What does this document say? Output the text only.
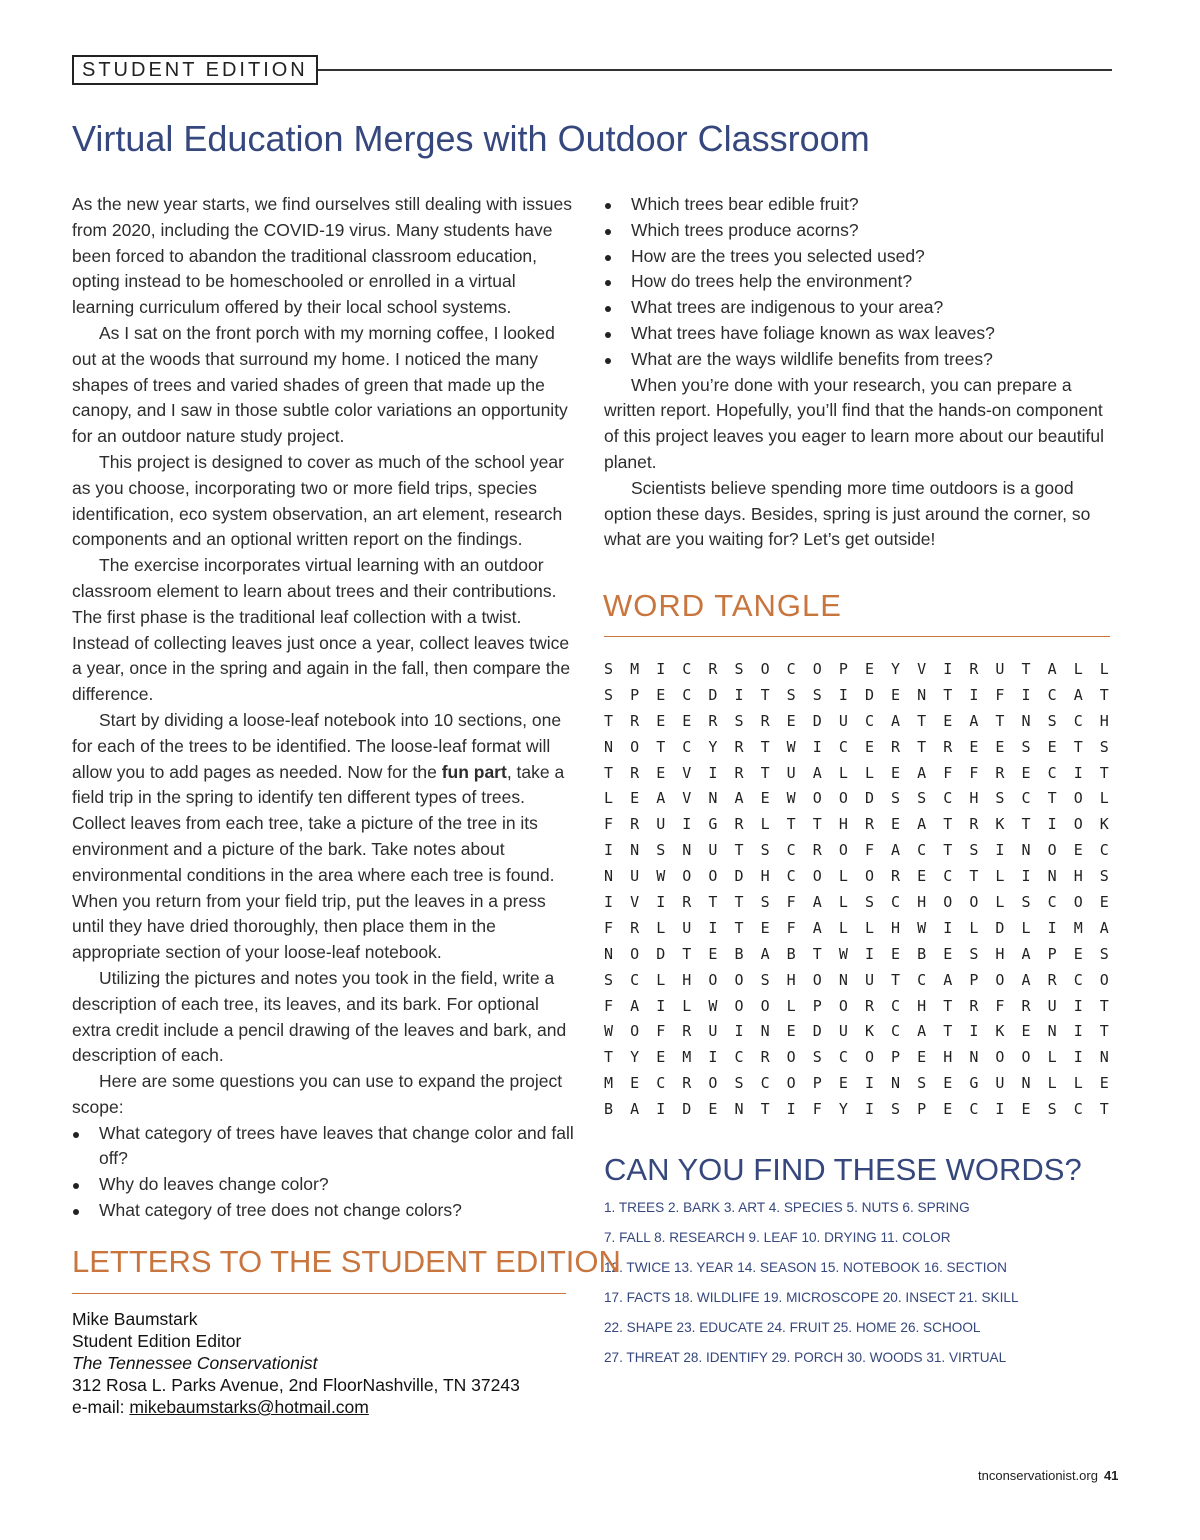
STUDENT EDITION
Virtual Education Merges with Outdoor Classroom

As the new year starts, we find ourselves still dealing with issues from 2020, including the COVID-19 virus. Many students have been forced to abandon the traditional classroom education, opting instead to be homeschooled or enrolled in a virtual learning curriculum offered by their local school systems.

As I sat on the front porch with my morning coffee, I looked out at the woods that surround my home. I noticed the many shapes of trees and varied shades of green that made up the canopy, and I saw in those subtle color variations an opportunity for an outdoor nature study project.

This project is designed to cover as much of the school year as you choose, incorporating two or more field trips, species identification, eco system observation, an art element, research components and an optional written report on the findings.

The exercise incorporates virtual learning with an outdoor classroom element to learn about trees and their contributions. The first phase is the traditional leaf collection with a twist. Instead of collecting leaves just once a year, collect leaves twice a year, once in the spring and again in the fall, then compare the difference.

Start by dividing a loose-leaf notebook into 10 sections, one for each of the trees to be identified. The loose-leaf format will allow you to add pages as needed. Now for the fun part, take a field trip in the spring to identify ten different types of trees. Collect leaves from each tree, take a picture of the tree in its environment and a picture of the bark. Take notes about environmental conditions in the area where each tree is found. When you return from your field trip, put the leaves in a press until they have dried thoroughly, then place them in the appropriate section of your loose-leaf notebook.

Utilizing the pictures and notes you took in the field, write a description of each tree, its leaves, and its bark. For optional extra credit include a pencil drawing of the leaves and bark, and description of each.

Here are some questions you can use to expand the project scope:

What category of trees have leaves that change color and fall off?
Why do leaves change color?
What category of tree does not change colors?
Which trees bear edible fruit?
Which trees produce acorns?
How are the trees you selected used?
How do trees help the environment?
What trees are indigenous to your area?
What trees have foliage known as wax leaves?
What are the ways wildlife benefits from trees?

When you’re done with your research, you can prepare a written report. Hopefully, you’ll find that the hands-on component of this project leaves you eager to learn more about our beautiful planet.

Scientists believe spending more time outdoors is a good option these days. Besides, spring is just around the corner, so what are you waiting for? Let’s get outside!

WORD TANGLE
S	M	I	C	R	S	O	C	O	P	E	Y	V	I	R	U	T	A	L	L
S	P	E	C	D	I	T	S	S	I	D	E	N	T	I	F	I	C	A	T
T	R	E	E	R	S	R	E	D	U	C	A	T	E	A	T	N	S	C	H
N	O	T	C	Y	R	T	W	I	C	E	R	T	R	E	E	S	E	T	S
T	R	E	V	I	R	T	U	A	L	L	E	A	F	F	R	E	C	I	T
L	E	A	V	N	A	E	W	O	O	D	S	S	C	H	S	C	T	O	L
F	R	U	I	G	R	L	T	T	H	R	E	A	T	R	K	T	I	O	K
I	N	S	N	U	T	S	C	R	O	F	A	C	T	S	I	N	O	E	C
N	U	W	O	O	D	H	C	O	L	O	R	E	C	T	L	I	N	H	S
I	V	I	R	T	T	S	F	A	L	S	C	H	O	O	L	S	C	O	E
F	R	L	U	I	T	E	F	A	L	L	H	W	I	L	D	L	I	M	A
N	O	D	T	E	B	A	B	T	W	I	E	B	E	S	H	A	P	E	S
S	C	L	H	O	O	S	H	O	N	U	T	C	A	P	O	A	R	C	O
F	A	I	L	W	O	O	L	P	O	R	C	H	T	R	F	R	U	I	T
W	O	F	R	U	I	N	E	D	U	K	C	A	T	I	K	E	N	I	T
T	Y	E	M	I	C	R	O	S	C	O	P	E	H	N	O	O	L	I	N
M	E	C	R	O	S	C	O	P	E	I	N	S	E	G	U	N	L	L	E
B	A	I	D	E	N	T	I	F	Y	I	S	P	E	C	I	E	S	C	T
CAN YOU FIND THESE WORDS?
1. TREES 2. BARK 3. ART 4. SPECIES 5. NUTS 6. SPRING
7. FALL 8. RESEARCH 9. LEAF 10. DRYING 11. COLOR
12. TWICE 13. YEAR 14. SEASON 15. NOTEBOOK 16. SECTION
17. FACTS 18. WILDLIFE 19. MICROSCOPE 20. INSECT 21. SKILL
22. SHAPE 23. EDUCATE 24. FRUIT 25. HOME 26. SCHOOL
27. THREAT 28. IDENTIFY 29. PORCH 30. WOODS 31. VIRTUAL
LETTERS TO THE STUDENT EDITION
Mike Baumstark
Student Edition Editor
The Tennessee Conservationist
312 Rosa L. Parks Avenue, 2nd FloorNashville, TN 37243
e-mail: mikebaumstarks@hotmail.com
tnconservationist.org 41
